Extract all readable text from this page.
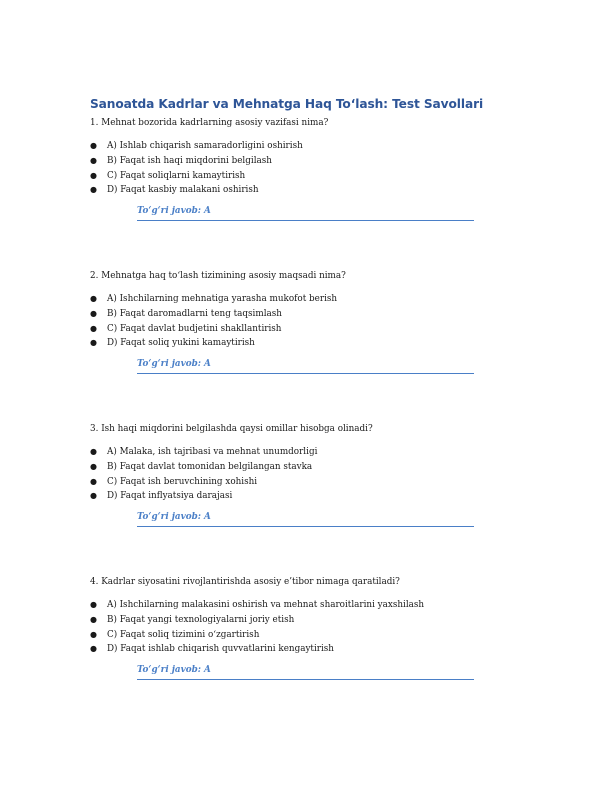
Sanoatda Kadrlar va Mehnatga Haq To‘lash: Test Savollari

1. Mehnat bozorida kadrlarning asosiy vazifasi nima?

● A) Ishlab chiqarish samaradorligini oshirish
● B) Faqat ish haqi miqdorini belgilash
● C) Faqat soliqlarni kamaytirish
● D) Faqat kasbiy malakani oshirish
To‘g‘ri javob: A

2. Mehnatga haq to‘lash tizimining asosiy maqsadi nima?

● A) Ishchilarning mehnatiga yarasha mukofot berish
● B) Faqat daromadlarni teng taqsimlash
● C) Faqat davlat budjetini shakllantirish
● D) Faqat soliq yukini kamaytirish
To‘g‘ri javob: A

3. Ish haqi miqdorini belgilashda qaysi omillar hisobga olinadi?

● A) Malaka, ish tajribasi va mehnat unumdorligi
● B) Faqat davlat tomonidan belgilangan stavka
● C) Faqat ish beruvchining xohishi
● D) Faqat inflyatsiya darajasi
To‘g‘ri javob: A

4. Kadrlar siyosatini rivojlantirishda asosiy e’tibor nimaga qaratiladi?

● A) Ishchilarning malakasini oshirish va mehnat sharoitlarini yaxshilash
● B) Faqat yangi texnologiyalarni joriy etish
● C) Faqat soliq tizimini o‘zgartirish
● D) Faqat ishlab chiqarish quvvatlarini kengaytirish
To‘g‘ri javob: A
